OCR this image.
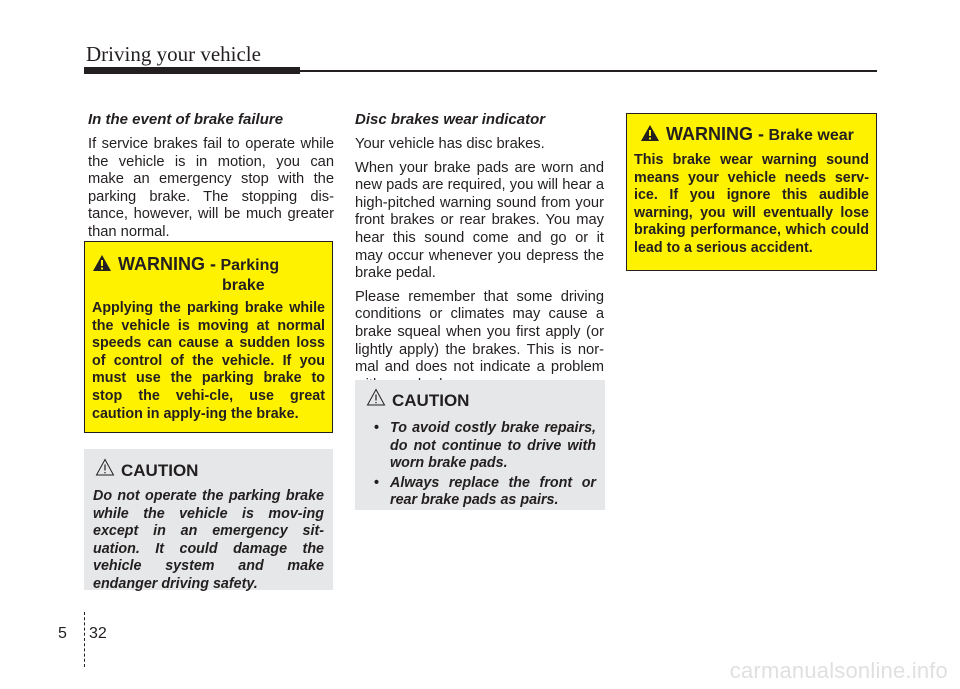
Driving your vehicle
In the event of brake failure

If service brakes fail to operate while the vehicle is in motion, you can make an emergency stop with the parking brake. The stopping dis-tance, however, will be much greater than normal.

WARNING - Parking
brake
Applying the parking brake while the vehicle is moving at normal speeds can cause a sudden loss of control of the vehicle. If you must use the parking brake to stop the vehi-cle, use great caution in apply-ing the brake.
CAUTION
Do not operate the parking brake while the vehicle is mov-ing except in an emergency sit-uation. It could damage the vehicle system and make endanger driving safety.
Disc brakes wear indicator

Your vehicle has disc brakes.

When your brake pads are worn and new pads are required, you will hear a high-pitched warning sound from your front brakes or rear brakes. You may hear this sound come and go or it may occur whenever you depress the brake pedal.

Please remember that some driving conditions or climates may cause a brake squeal when you first apply (or lightly apply) the brakes. This is nor-mal and does not indicate a problem

CAUTION
• To avoid costly brake repairs, do not continue to drive with worn brake pads.
• Always replace the front or rear brake pads as pairs.
WARNING - Brake wear
This brake wear warning sound means your vehicle needs serv-ice. If you ignore this audible warning, you will eventually lose braking performance, which could lead to a serious accident.
5 32
carmanualsonline.info
